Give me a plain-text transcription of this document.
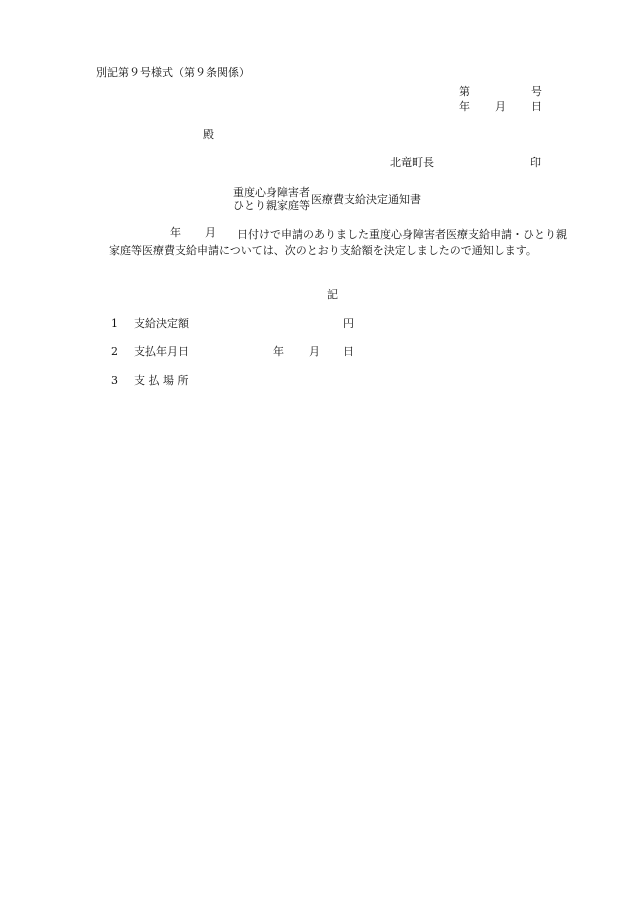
別記第９号様式（第９条関係）
第	号
年 月 日
殿
北竜町長	印
重度心身障害者
ひとり親家庭等 医療費支給決定通知書
年 月	日付けで申請のありました重度心身障害者医療支給申請・ひとり親家庭等医療費支給申請については、次のとおり支給額を決定しましたので通知します。
記
1 支給決定額	円
2 支払年月日	年 月 日
3 支 払 場 所
